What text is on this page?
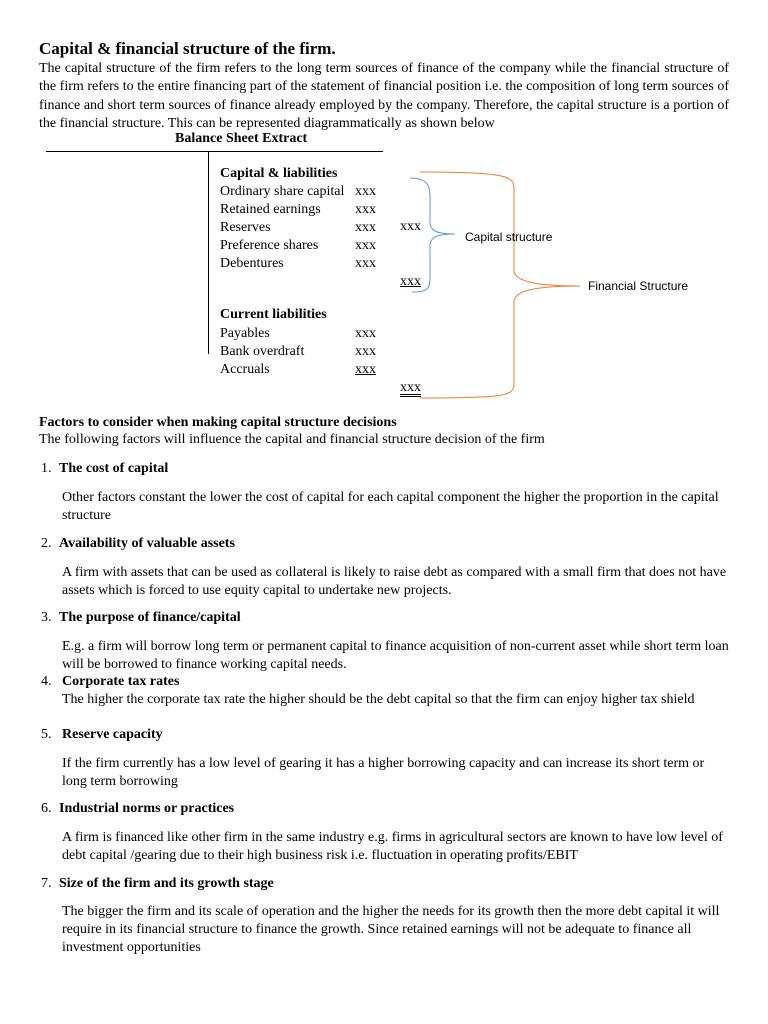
Capital & financial structure of the firm.
The capital structure of the firm refers to the long term sources of finance of the company while the financial structure of the firm refers to the entire financing part of the statement of financial position i.e. the composition of long term sources of finance and short term sources of finance already employed by the company. Therefore, the capital structure is a portion of the financial structure. This can be represented diagrammatically as shown below
Balance Sheet Extract
Capital & liabilities
Ordinary share capital xxx
Retained earnings xxx
Reserves	xxx
Preference shares	xxx
Debentures	xxx
xxx
xxx
Current liabilities
Payables	xxx
Bank overdraft	xxx
Accruals	xxx
xxx
Capital structure
Financial Structure
Factors to consider when making capital structure decisions
The following factors will influence the capital and financial structure decision of the firm
1. The cost of capital
Other factors constant the lower the cost of capital for each capital component the higher the proportion in the capital structure
2. Availability of valuable assets
A firm with assets that can be used as collateral is likely to raise debt as compared with a small firm that does not have assets which is forced to use equity capital to undertake new projects.
3. The purpose of finance/capital
E.g. a firm will borrow long term or permanent capital to finance acquisition of non-current asset while short term loan will be borrowed to finance working capital needs.
4. Corporate tax rates
The higher the corporate tax rate the higher should be the debt capital so that the firm can enjoy higher tax shield
5. Reserve capacity
If the firm currently has a low level of gearing it has a higher borrowing capacity and can increase its short term or long term borrowing
6. Industrial norms or practices
A firm is financed like other firm in the same industry e.g. firms in agricultural sectors are known to have low level of debt capital /gearing due to their high business risk i.e. fluctuation in operating profits/EBIT
7. Size of the firm and its growth stage
The bigger the firm and its scale of operation and the higher the needs for its growth then the more debt capital it will require in its financial structure to finance the growth. Since retained earnings will not be adequate to finance all investment opportunities
